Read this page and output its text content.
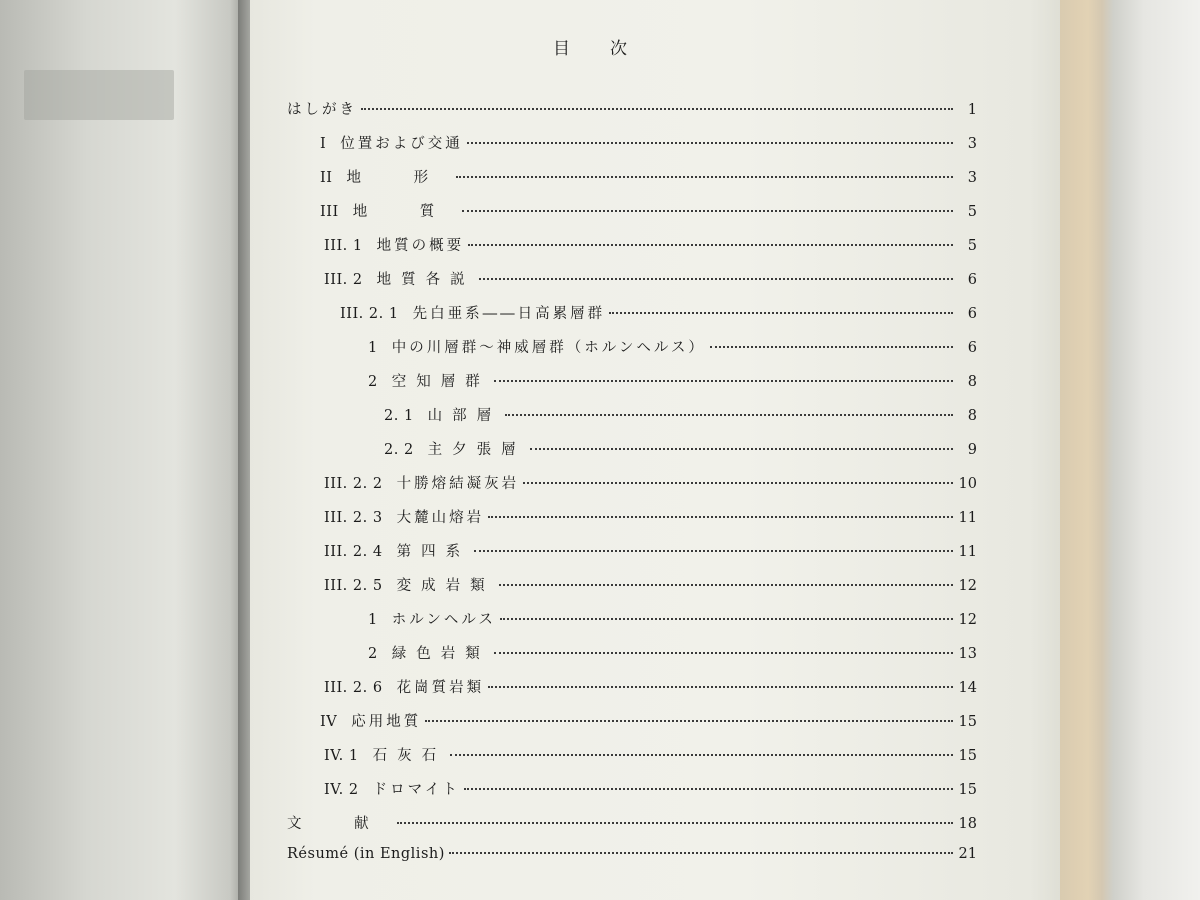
目次
はしがき	1
I 位置および交通	3
II 地 形	3
III 地 質	5
III. 1 地質の概要	5
III. 2 地質各説	6
III. 2. 1 先白亜系――日高累層群	6
1 中の川層群〜神威層群（ホルンヘルス）	6
2 空知層群	8
2. 1 山部層	8
2. 2 主夕張層	9
III. 2. 2 十勝熔結凝灰岩	10
III. 2. 3 大麓山熔岩	11
III. 2. 4 第四系	11
III. 2. 5 変成岩類	12
1 ホルンヘルス	12
2 緑色岩類	13
III. 2. 6 花崗質岩類	14
IV 応用地質	15
IV. 1 石灰石	15
IV. 2 ドロマイト	15
文 献	18
Résumé (in English)	21
